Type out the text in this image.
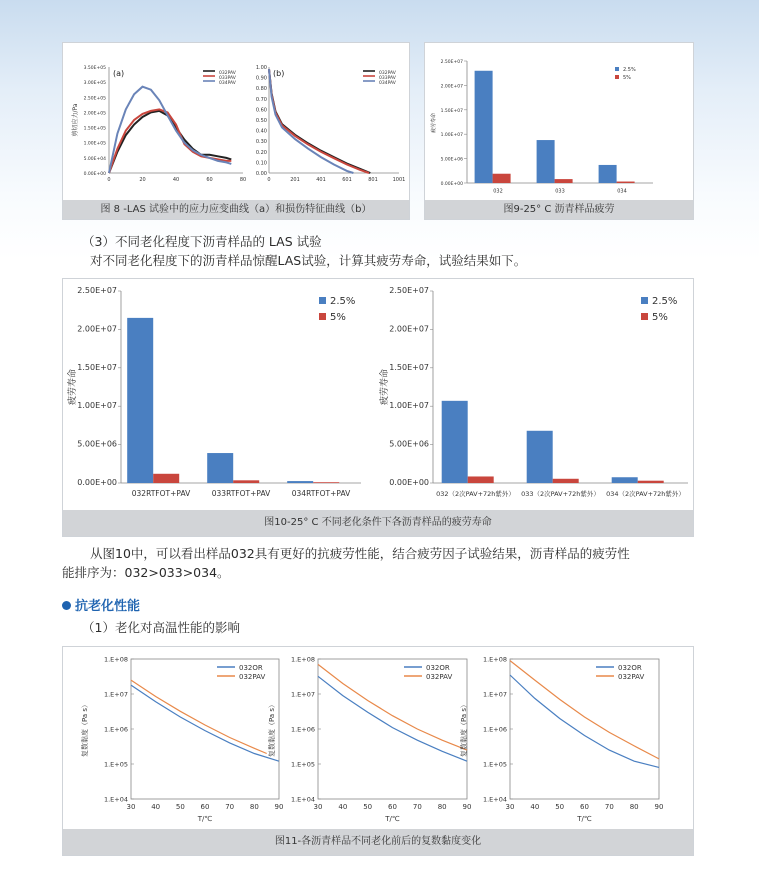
0.00E+00
5.00E+04
1.00E+05
1.50E+05
2.00E+05
2.50E+05
3.00E+05
3.50E+05
0	20	40	60	80
剪切应力/Pa
(a)	032PAV
033PAV
034PAV
0.00
0.10
0.20
0.30
0.40
0.50
0.60
0.70
0.80
0.90
1.00
0	201	401	601	801	1001
(b)	032PAV
033PAV
034PAV
图 8 -LAS 试验中的应力应变曲线（a）和损伤特征曲线（b）
0.00E+00
5.00E+06
1.00E+07
1.50E+07
2.00E+07
2.50E+07
032	033	034
疲劳寿命
2.5%
5%
图9-25° C 沥青样品疲劳
（3）不同老化程度下沥青样品的 LAS 试验
对不同老化程度下的沥青样品惊醒LAS试验，计算其疲劳寿命，试验结果如下。
0.00E+00
5.00E+06
1.00E+07
1.50E+07
2.00E+07
2.50E+07
032RTFOT+PAV	033RTFOT+PAV	034RTFOT+PAV
疲劳寿命
2.5%
5%
0.00E+00
5.00E+06
1.00E+07
1.50E+07
2.00E+07
2.50E+07
032（2次PAV+72h紫外） 033（2次PAV+72h紫外） 034（2次PAV+72h紫外）
疲劳寿命
2.5%
5%
图10-25° C 不同老化条件下各沥青样品的疲劳寿命
从图10中，可以看出样品032具有更好的抗疲劳性能，结合疲劳因子试验结果，沥青样品的疲劳性
能排序为：032>033>034。
抗老化性能
（1）老化对高温性能的影响
1.E+04
1.E+05
1.E+06
1.E+07
1.E+08
30 40 50 60 70 80 90
T/℃
复数黏度（Pa s）
032OR
032PAV
1.E+04
1.E+05
1.E+06
1.E+07
1.E+08
30 40 50 60 70 80 90
T/℃
复数黏度（Pa s）
032OR
032PAV
1.E+04
1.E+05
1.E+06
1.E+07
1.E+08
30 40 50 60 70 80 90
T/℃
复数黏度（Pa s）
032OR
032PAV
图11-各沥青样品不同老化前后的复数黏度变化
